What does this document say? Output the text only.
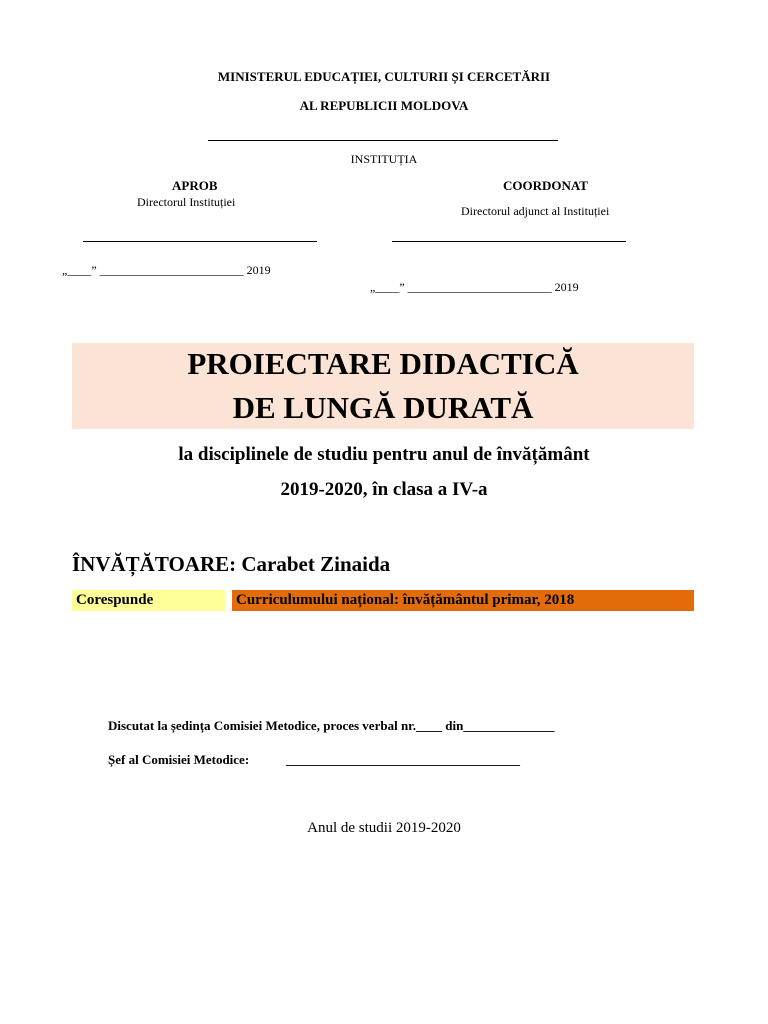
MINISTERUL EDUCAȚIEI, CULTURII ȘI CERCETĂRII
AL REPUBLICII MOLDOVA
INSTITUȚIA
APROB
Directorul Instituției
COORDONAT
Directorul adjunct al Instituției
„____” ________________________ 2019
„____” ________________________ 2019
PROIECTARE DIDACTICĂ
DE LUNGĂ DURATĂ
la disciplinele de studiu pentru anul de învățământ
2019-2020, în clasa a IV-a
ÎNVĂȚĂTOARE: Carabet Zinaida
Corespunde	Curriculumului național: învățământul primar, 2018
Discutat la ședința Comisiei Metodice, proces verbal nr.____ din______________
Șef al Comisiei Metodice:	____________________________________
Anul de studii 2019-2020
